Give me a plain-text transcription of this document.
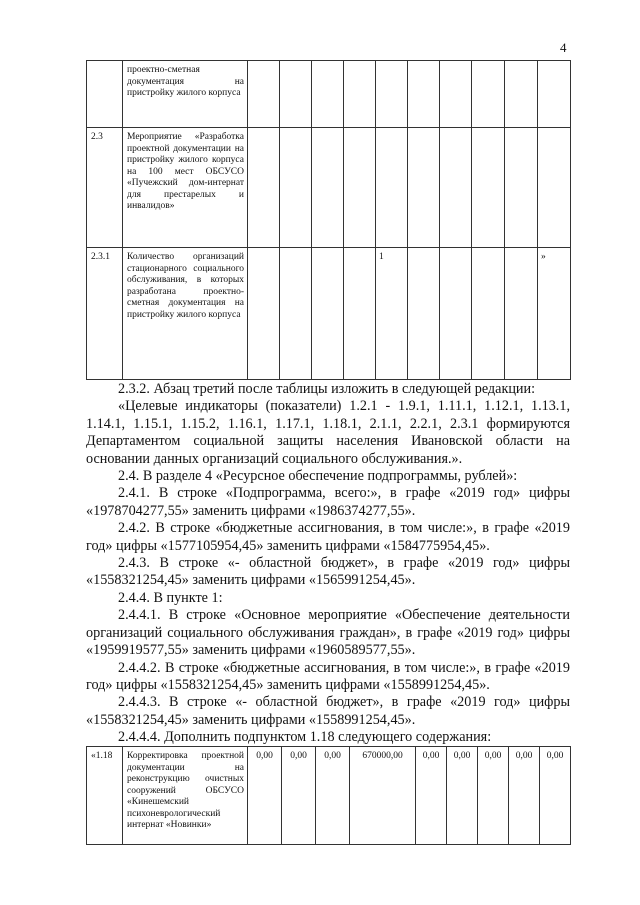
4
	проектно-сметная документация на пристройку жилого корпуса										
2.3	Мероприятие «Разработка проектной документации на пристройку жилого корпуса на 100 мест ОБСУСО «Пучежский дом-интернат для престарелых и инвалидов»										
2.3.1	Количество организаций стационарного социального обслуживания, в которых разработана проектно-сметная документация на пристройку жилого корпуса					1					»

2.3.2. Абзац третий после таблицы изложить в следующей редакции:

«Целевые индикаторы (показатели) 1.2.1 - 1.9.1, 1.11.1, 1.12.1, 1.13.1, 1.14.1, 1.15.1, 1.15.2, 1.16.1, 1.17.1, 1.18.1, 2.1.1, 2.2.1, 2.3.1 формируются Департаментом социальной защиты населения Ивановской области на основании данных организаций социального обслуживания.».

2.4. В разделе 4 «Ресурсное обеспечение подпрограммы, рублей»:

2.4.1. В строке «Подпрограмма, всего:», в графе «2019 год» цифры «1978704277,55» заменить цифрами «1986374277,55».

2.4.2. В строке «бюджетные ассигнования, в том числе:», в графе «2019 год» цифры «1577105954,45» заменить цифрами «1584775954,45».

2.4.3. В строке «- областной бюджет», в графе «2019 год» цифры «1558321254,45» заменить цифрами «1565991254,45».

2.4.4. В пункте 1:

2.4.4.1. В строке «Основное мероприятие «Обеспечение деятельности организаций социального обслуживания граждан», в графе «2019 год» цифры «1959919577,55» заменить цифрами «1960589577,55».

2.4.4.2. В строке «бюджетные ассигнования, в том числе:», в графе «2019 год» цифры «1558321254,45» заменить цифрами «1558991254,45».

2.4.4.3. В строке «- областной бюджет», в графе «2019 год» цифры «1558321254,45» заменить цифрами «1558991254,45».

2.4.4.4. Дополнить подпунктом 1.18 следующего содержания:

«1.18	Корректировка проектной документации на реконструкцию очистных сооружений ОБСУСО «Кинешемский психоневрологический интернат «Новинки»	0,00	0,00	0,00	670000,00	0,00	0,00	0,00	0,00	0,00
